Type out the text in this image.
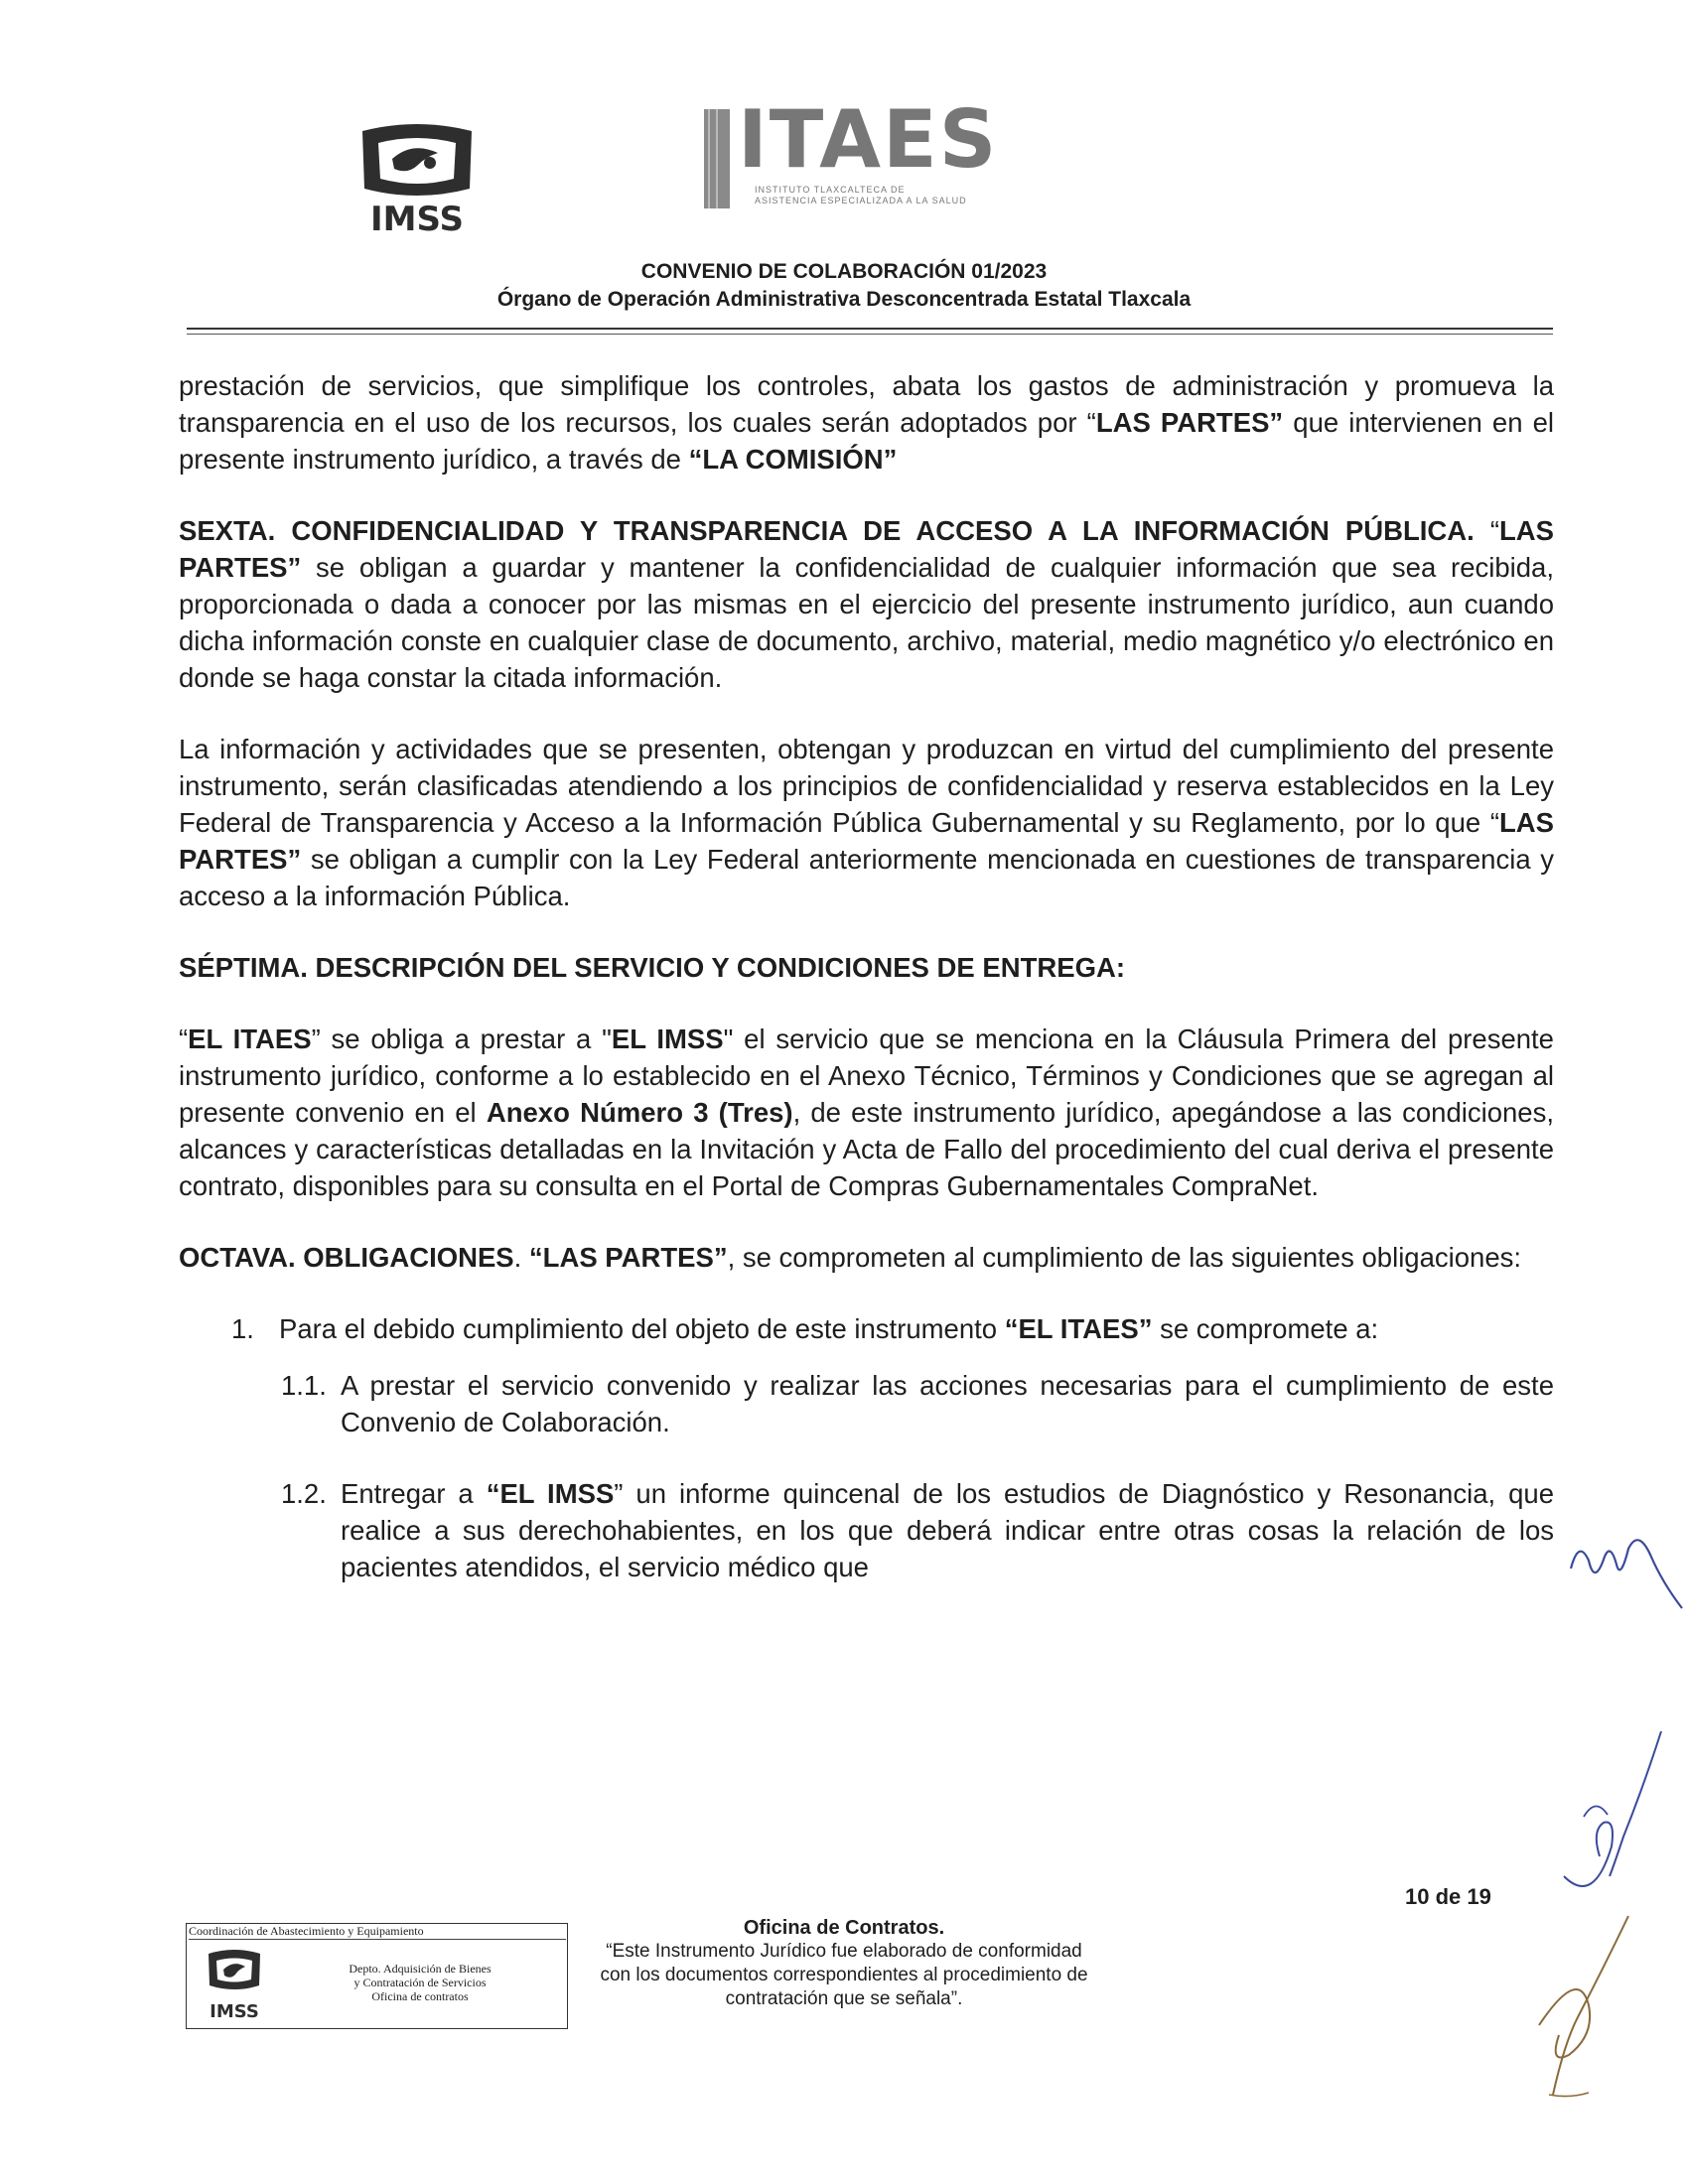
IMSS
ITAES
INSTITUTO TLAXCALTECA DE
ASISTENCIA ESPECIALIZADA A LA SALUD
CONVENIO DE COLABORACIÓN 01/2023
Órgano de Operación Administrativa Desconcentrada Estatal Tlaxcala

prestación de servicios, que simplifique los controles, abata los gastos de administración y promueva la transparencia en el uso de los recursos, los cuales serán adoptados por “LAS PARTES” que intervienen en el presente instrumento jurídico, a través de “LA COMISIÓN”

SEXTA. CONFIDENCIALIDAD Y TRANSPARENCIA DE ACCESO A LA INFORMACIÓN PÚBLICA. “LAS PARTES” se obligan a guardar y mantener la confidencialidad de cualquier información que sea recibida, proporcionada o dada a conocer por las mismas en el ejercicio del presente instrumento jurídico, aun cuando dicha información conste en cualquier clase de documento, archivo, material, medio magnético y/o electrónico en donde se haga constar la citada información.

La información y actividades que se presenten, obtengan y produzcan en virtud del cumplimiento del presente instrumento, serán clasificadas atendiendo a los principios de confidencialidad y reserva establecidos en la Ley Federal de Transparencia y Acceso a la Información Pública Gubernamental y su Reglamento, por lo que “LAS PARTES” se obligan a cumplir con la Ley Federal anteriormente mencionada en cuestiones de transparencia y acceso a la información Pública.

SÉPTIMA. DESCRIPCIÓN DEL SERVICIO Y CONDICIONES DE ENTREGA:

“EL ITAES” se obliga a prestar a "EL IMSS" el servicio que se menciona en la Cláusula Primera del presente instrumento jurídico, conforme a lo establecido en el Anexo Técnico, Términos y Condiciones que se agregan al presente convenio en el Anexo Número 3 (Tres), de este instrumento jurídico, apegándose a las condiciones, alcances y características detalladas en la Invitación y Acta de Fallo del procedimiento del cual deriva el presente contrato, disponibles para su consulta en el Portal de Compras Gubernamentales CompraNet.

OCTAVA. OBLIGACIONES. “LAS PARTES”, se comprometen al cumplimiento de las siguientes obligaciones:

1. Para el debido cumplimiento del objeto de este instrumento “EL ITAES” se compromete a:

1.1. A prestar el servicio convenido y realizar las acciones necesarias para el cumplimiento de este Convenio de Colaboración.

1.2. Entregar a “EL IMSS” un informe quincenal de los estudios de Diagnóstico y Resonancia, que realice a sus derechohabientes, en los que deberá indicar entre otras cosas la relación de los pacientes atendidos, el servicio médico que

10 de 19
Coordinación de Abastecimiento y Equipamiento
IMSS
Depto. Adquisición de Bienes
y Contratación de Servicios
Oficina de contratos
Oficina de Contratos.
“Este Instrumento Jurídico fue elaborado de conformidad con los documentos correspondientes al procedimiento de contratación que se señala”.
